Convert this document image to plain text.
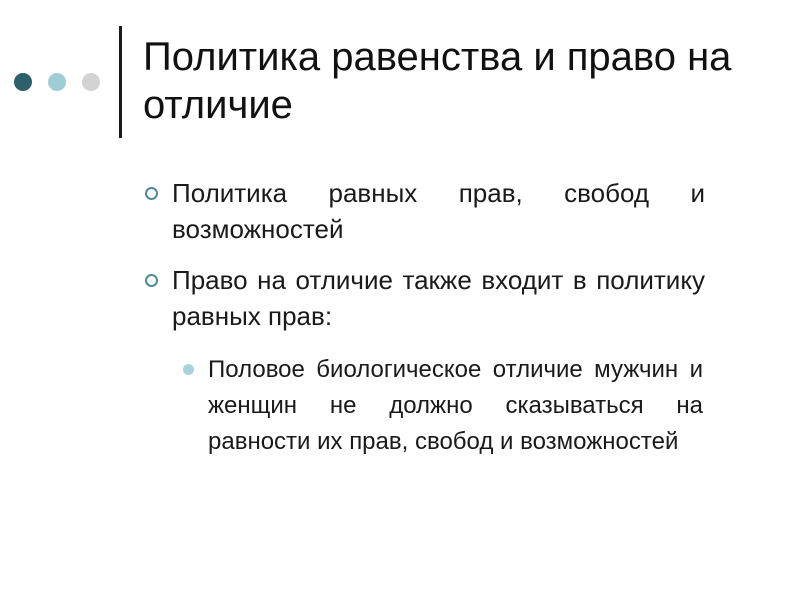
Политика равенства и право на отличие
Политика равных прав, свобод и возможностей
Право на отличие также входит в политику равных прав:
Половое биологическое отличие мужчин и женщин не должно сказываться на равности их прав, свобод и возможностей
